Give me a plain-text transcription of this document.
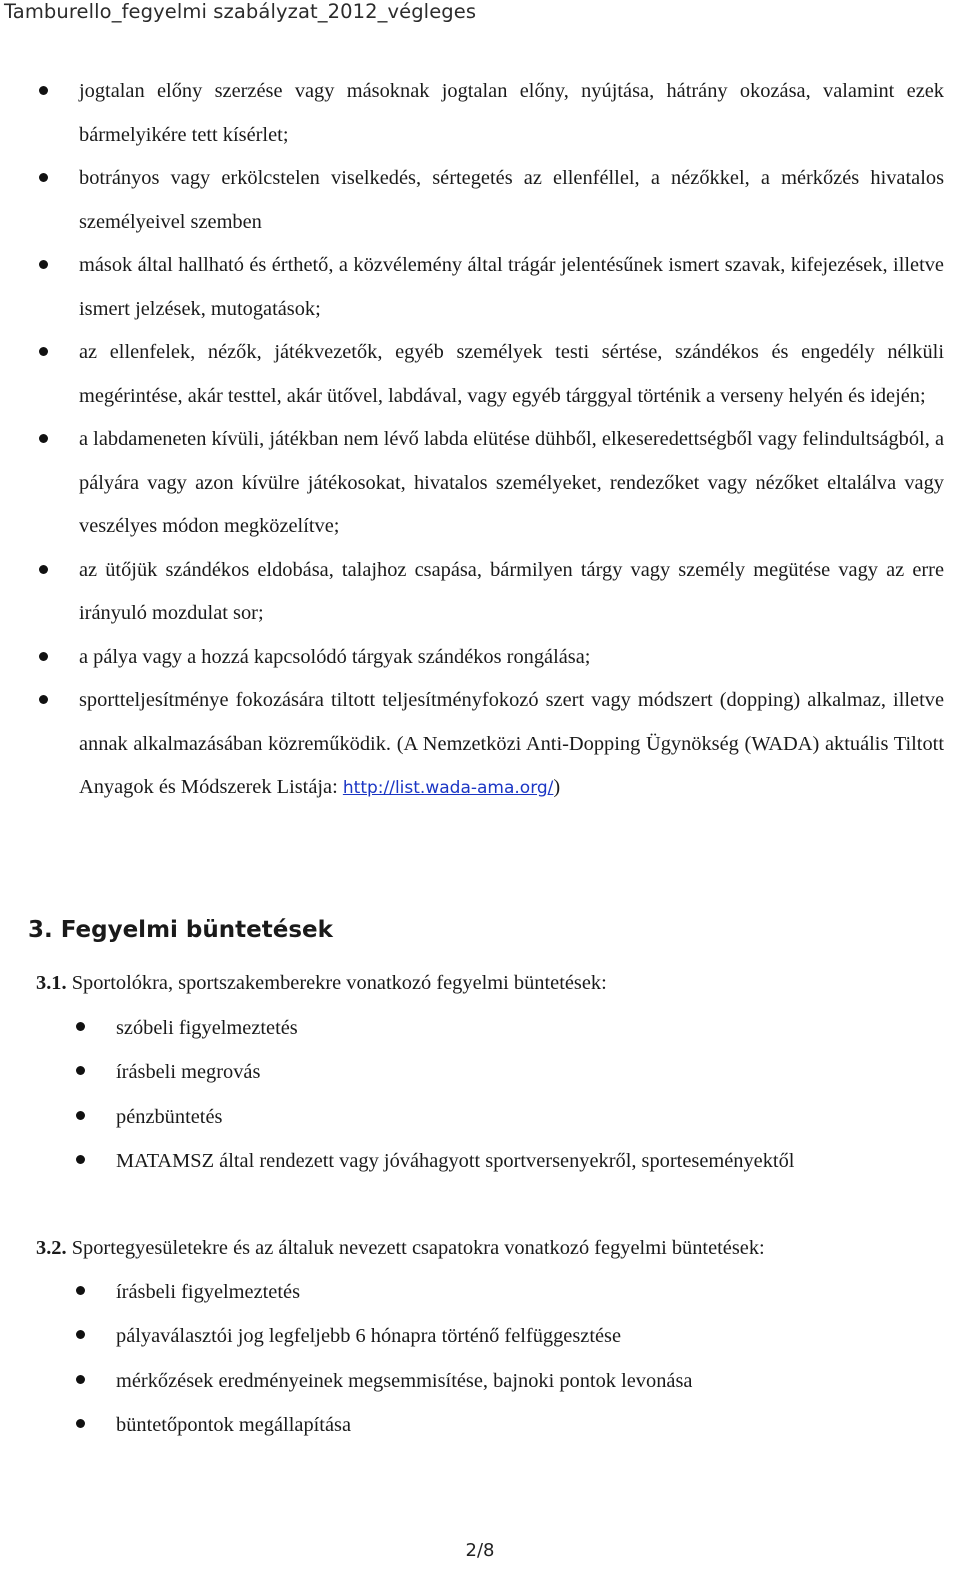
Tamburello_fegyelmi szabályzat_2012_végleges
jogtalan előny szerzése vagy másoknak jogtalan előny, nyújtása, hátrány okozása, valamint ezek bármelyikére tett kísérlet;
botrányos vagy erkölcstelen viselkedés, sértegetés az ellenféllel, a nézőkkel, a mérkőzés hivatalos személyeivel szemben
mások által hallható és érthető, a közvélemény által trágár jelentésűnek ismert szavak, kifejezések, illetve ismert jelzések, mutogatások;
az ellenfelek, nézők, játékvezetők, egyéb személyek testi sértése, szándékos és engedély nélküli megérintése, akár testtel, akár ütővel, labdával, vagy egyéb tárggyal történik a verseny helyén és idején;
a labdameneten kívüli, játékban nem lévő labda elütése dühből, elkeseredettségből vagy felindultságból, a pályára vagy azon kívülre játékosokat, hivatalos személyeket, rendezőket vagy nézőket eltalálva vagy veszélyes módon megközelítve;
az ütőjük szándékos eldobása, talajhoz csapása, bármilyen tárgy vagy személy megütése vagy az erre irányuló mozdulat sor;
a pálya vagy a hozzá kapcsolódó tárgyak szándékos rongálása;
sportteljesítménye fokozására tiltott teljesítményfokozó szert vagy módszert (dopping) alkalmaz, illetve annak alkalmazásában közreműködik. (A Nemzetközi Anti-Dopping Ügynökség (WADA) aktuális Tiltott Anyagok és Módszerek Listája: http://list.wada-ama.org/)
3. Fegyelmi büntetések
3.1. Sportolókra, sportszakemberekre vonatkozó fegyelmi büntetések:
szóbeli figyelmeztetés
írásbeli megrovás
pénzbüntetés
MATAMSZ által rendezett vagy jóváhagyott sportversenyekről, sporteseményektől
3.2. Sportegyesületekre és az általuk nevezett csapatokra vonatkozó fegyelmi büntetések:
írásbeli figyelmeztetés
pályaválasztói jog legfeljebb 6 hónapra történő felfüggesztése
mérkőzések eredményeinek megsemmisítése, bajnoki pontok levonása
büntetőpontok megállapítása
2/8
